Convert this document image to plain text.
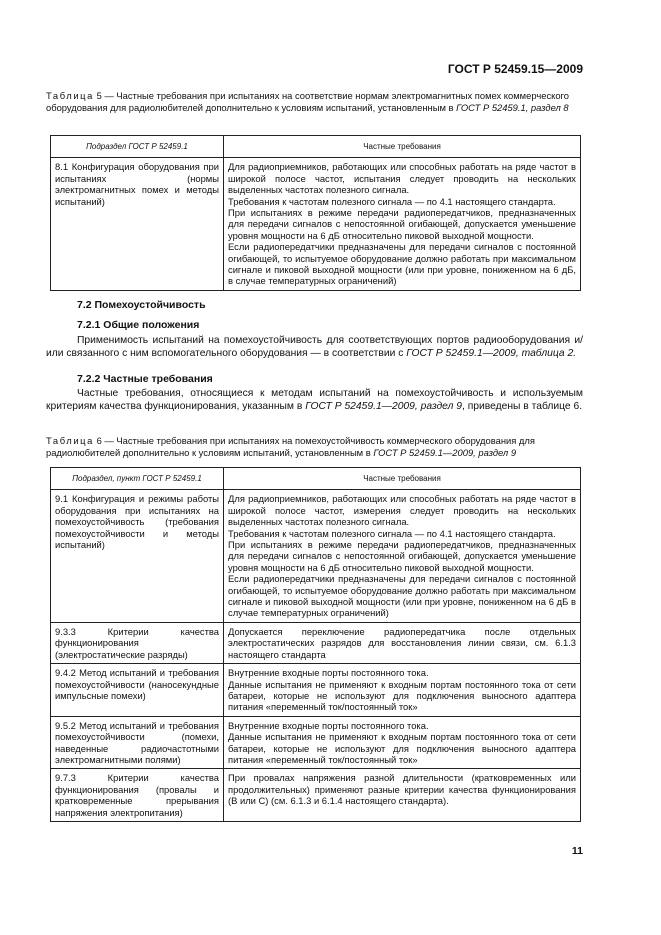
ГОСТ Р 52459.15—2009
Таблица 5 — Частные требования при испытаниях на соответствие нормам электромагнитных помех коммерческого оборудования для радиолюбителей дополнительно к условиям испытаний, установленным в ГОСТ Р 52459.1, раздел 8
Подраздел ГОСТ Р 52459.1	Частные требования
8.1 Конфигурация оборудования при испытаниях (нормы электромагнитных помех и методы испытаний)	Для радиоприемников, работающих или способных работать на ряде частот в широкой полосе частот, испытания следует проводить на нескольких выделенных частотах полезного сигнала.

Требования к частотам полезного сигнала — по 4.1 настоящего стандарта.

При испытаниях в режиме передачи радиопередатчиков, предназначенных для передачи сигналов с непостоянной огибающей, допускается уменьшение уровня мощности на 6 дБ относительно пиковой выходной мощности.

Если радиопередатчики предназначены для передачи сигналов с постоянной огибающей, то испытуемое оборудование должно работать при максимальном сигнале и пиковой выходной мощности (или при уровне, пониженном на 6 дБ, в случае температурных ограничений)

7.2 Помехоустойчивость
7.2.1 Общие положения
Применимость испытаний на помехоустойчивость для соответствующих портов радиооборудования и/или связанного с ним вспомогательного оборудования — в соответствии с ГОСТ Р 52459.1—2009, таблица 2.
7.2.2 Частные требования
Частные требования, относящиеся к методам испытаний на помехоустойчивость и используемым критериям качества функционирования, указанным в ГОСТ Р 52459.1—2009, раздел 9, приведены в таблице 6.
Таблица 6 — Частные требования при испытаниях на помехоустойчивость коммерческого оборудования для радиолюбителей дополнительно к условиям испытаний, установленным в ГОСТ Р 52459.1—2009, раздел 9
Подраздел, пункт ГОСТ Р 52459.1	Частные требования
9.1 Конфигурация и режимы работы оборудования при испытаниях на помехоустойчивость (требования помехоустойчивости и методы испытаний)	Для радиоприемников, работающих или способных работать на ряде частот в широкой полосе частот, измерения следует проводить на нескольких выделенных частотах полезного сигнала.

Требования к частотам полезного сигнала — по 4.1 настоящего стандарта.

При испытаниях в режиме передачи радиопередатчиков, предназначенных для передачи сигналов с непостоянной огибающей, допускается уменьшение уровня мощности на 6 дБ относительно пиковой выходной мощности.

Если радиопередатчики предназначены для передачи сигналов с постоянной огибающей, то испытуемое оборудование должно работать при максимальном сигнале и пиковой выходной мощности (или при уровне, пониженном на 6 дБ в случае температурных ограничений)

9.3.3 Критерии качества функционирования (электростатические разряды)	Допускается переключение радиопередатчика после отдельных электростатических разрядов для восстановления линии связи, см. 6.1.3 настоящего стандарта

9.4.2 Метод испытаний и требования помехоустойчивости (наносекундные импульсные помехи)	Внутренние входные порты постоянного тока.

Данные испытания не применяют к входным портам постоянного тока от сети батареи, которые не используют для подключения выносного адаптера питания «переменный ток/постоянный ток»

9.5.2 Метод испытаний и требования помехоустойчивости (помехи, наведенные радиочастотными электромагнитными полями)	Внутренние входные порты постоянного тока.

Данные испытания не применяют к входным портам постоянного тока от сети батареи, которые не используют для подключения выносного адаптера питания «переменный ток/постоянный ток»

9.7.3 Критерии качества функционирования (провалы и кратковременные прерывания напряжения электропитания)	При провалах напряжения разной длительности (кратковременных или продолжительных) применяют разные критерии качества функционирования (В или С) (см. 6.1.3 и 6.1.4 настоящего стандарта).

11
